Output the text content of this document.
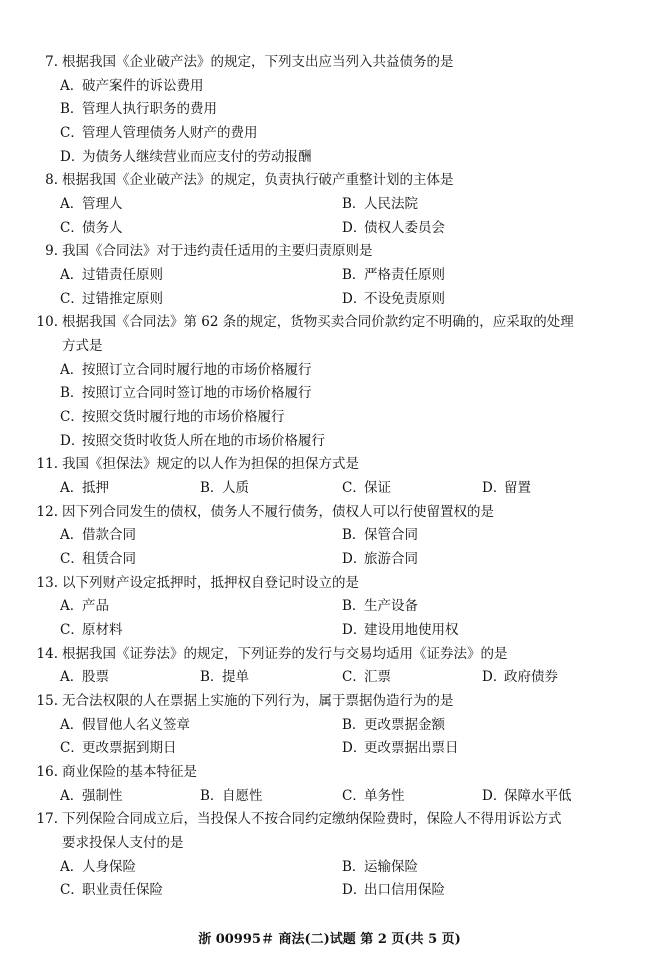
7. 根据我国《企业破产法》的规定，下列支出应当列入共益债务的是
A．破产案件的诉讼费用
B．管理人执行职务的费用
C．管理人管理债务人财产的费用
D．为债务人继续营业而应支付的劳动报酬
8. 根据我国《企业破产法》的规定，负责执行破产重整计划的主体是
A．管理人	B．人民法院
C．债务人	D．债权人委员会
9. 我国《合同法》对于违约责任适用的主要归责原则是
A．过错责任原则	B．严格责任原则
C．过错推定原则	D．不设免责原则
10. 根据我国《合同法》第 62 条的规定，货物买卖合同价款约定不明确的，应采取的处理
方式是
A．按照订立合同时履行地的市场价格履行
B．按照订立合同时签订地的市场价格履行
C．按照交货时履行地的市场价格履行
D．按照交货时收货人所在地的市场价格履行
11. 我国《担保法》规定的以人作为担保的担保方式是
A．抵押	B．人质	C．保证	D．留置
12. 因下列合同发生的债权，债务人不履行债务，债权人可以行使留置权的是
A．借款合同	B．保管合同
C．租赁合同	D．旅游合同
13. 以下列财产设定抵押时，抵押权自登记时设立的是
A．产品	B．生产设备
C．原材料	D．建设用地使用权
14. 根据我国《证券法》的规定，下列证券的发行与交易均适用《证券法》的是
A．股票	B．提单	C．汇票	D．政府债券
15. 无合法权限的人在票据上实施的下列行为，属于票据伪造行为的是
A．假冒他人名义签章	B．更改票据金额
C．更改票据到期日	D．更改票据出票日
16. 商业保险的基本特征是
A．强制性	B．自愿性	C．单务性	D．保障水平低
17. 下列保险合同成立后，当投保人不按合同约定缴纳保险费时，保险人不得用诉讼方式
要求投保人支付的是
A．人身保险	B．运输保险
C．职业责任保险	D．出口信用保险
浙 00995＃ 商法(二)试题 第 2 页(共 5 页)
